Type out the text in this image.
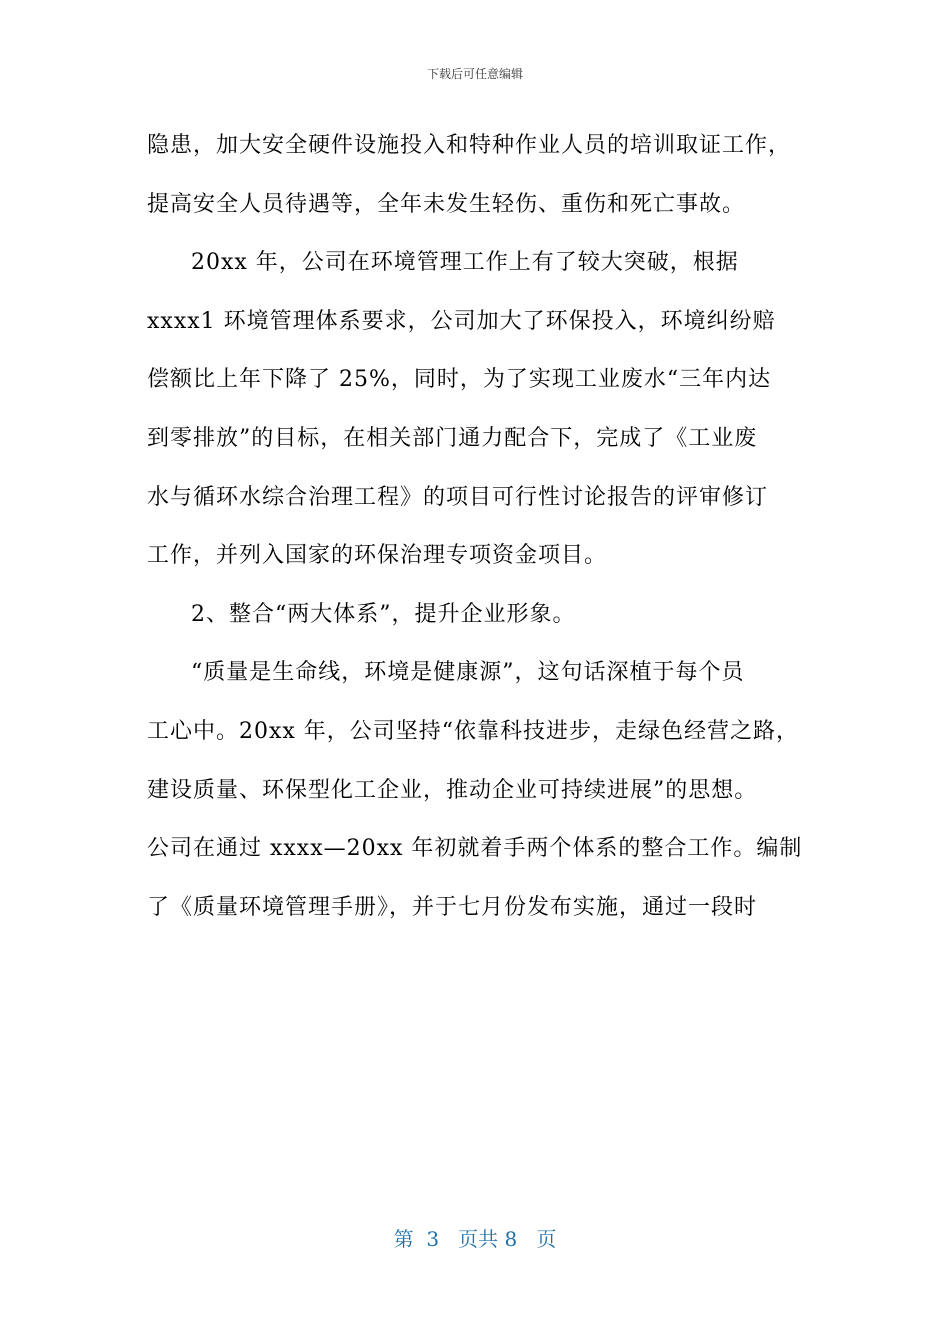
下载后可任意编辑
隐患，加大安全硬件设施投入和特种作业人员的培训取证工作，
提高安全人员待遇等，全年未发生轻伤、重伤和死亡事故。
20xx 年，公司在环境管理工作上有了较大突破，根据
xxxx1 环境管理体系要求，公司加大了环保投入，环境纠纷赔
偿额比上年下降了 25%，同时，为了实现工业废水“三年内达
到零排放”的目标，在相关部门通力配合下，完成了《工业废
水与循环水综合治理工程》的项目可行性讨论报告的评审修订
工作，并列入国家的环保治理专项资金项目。
2、整合“两大体系”，提升企业形象。
“质量是生命线，环境是健康源”，这句话深植于每个员
工心中。20xx 年，公司坚持“依靠科技进步，走绿色经营之路，
建设质量、环保型化工企业，推动企业可持续进展”的思想。
公司在通过 xxxx—20xx 年初就着手两个体系的整合工作。编制
了《质量环境管理手册》，并于七月份发布实施，通过一段时
第  3   页共 8   页
